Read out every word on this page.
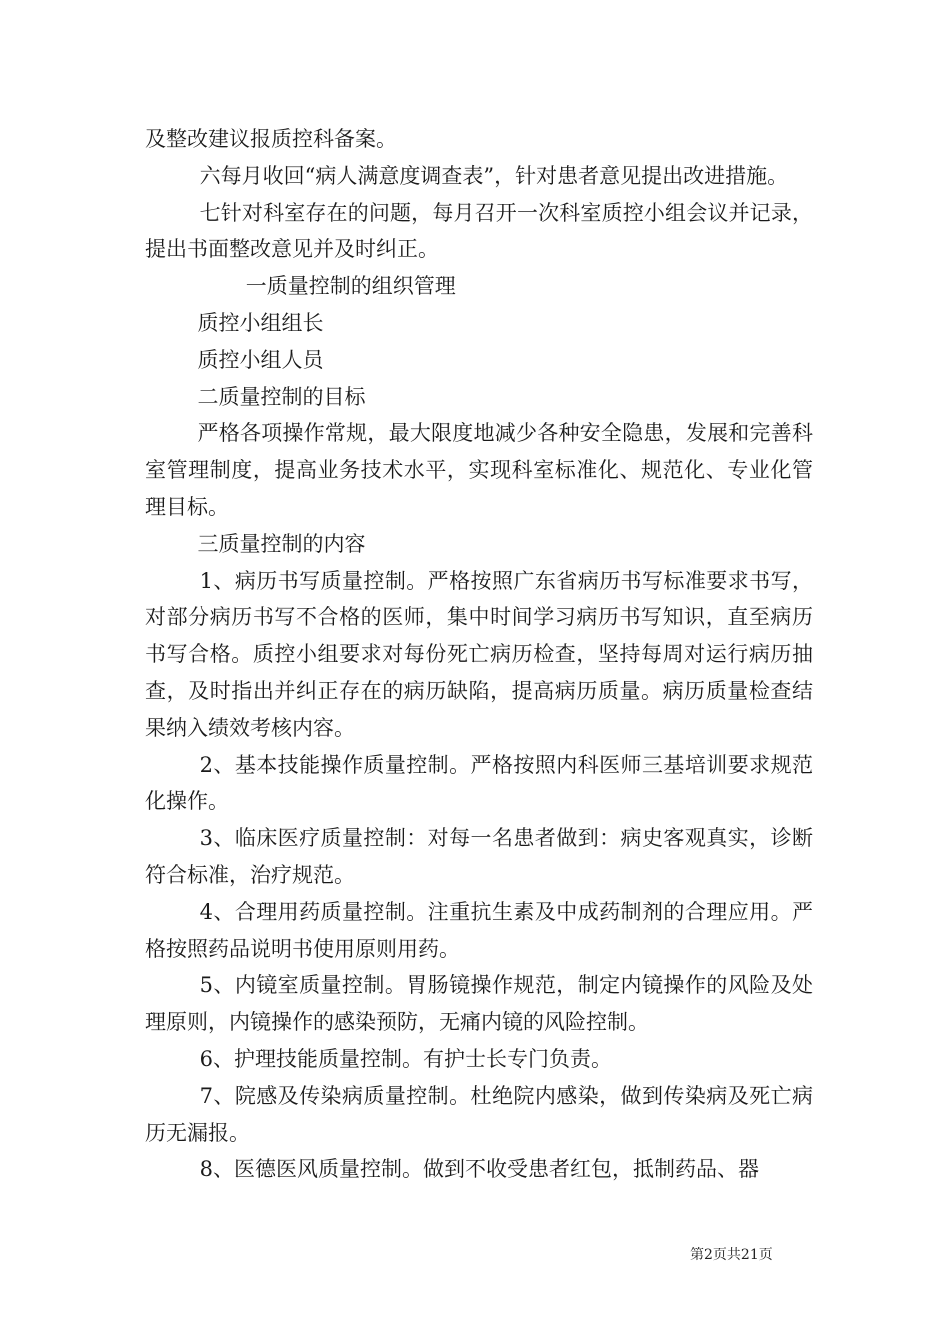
及整改建议报质控科备案。

六每月收回“病人满意度调查表”，针对患者意见提出改进措施。

七针对科室存在的问题，每月召开一次科室质控小组会议并记录，提出书面整改意见并及时纠正。

一质量控制的组织管理

质控小组组长

质控小组人员

二质量控制的目标

严格各项操作常规，最大限度地减少各种安全隐患，发展和完善科室管理制度，提高业务技术水平，实现科室标准化、规范化、专业化管理目标。

三质量控制的内容

1、病历书写质量控制。严格按照广东省病历书写标准要求书写，对部分病历书写不合格的医师，集中时间学习病历书写知识，直至病历书写合格。质控小组要求对每份死亡病历检查，坚持每周对运行病历抽查，及时指出并纠正存在的病历缺陷，提高病历质量。病历质量检查结果纳入绩效考核内容。

2、基本技能操作质量控制。严格按照内科医师三基培训要求规范化操作。

3、临床医疗质量控制：对每一名患者做到：病史客观真实，诊断符合标准，治疗规范。

4、合理用药质量控制。注重抗生素及中成药制剂的合理应用。严格按照药品说明书使用原则用药。

5、内镜室质量控制。胃肠镜操作规范，制定内镜操作的风险及处理原则，内镜操作的感染预防，无痛内镜的风险控制。

6、护理技能质量控制。有护士长专门负责。

7、院感及传染病质量控制。杜绝院内感染，做到传染病及死亡病历无漏报。

8、医德医风质量控制。做到不收受患者红包，抵制药品、器

第2页共21页
